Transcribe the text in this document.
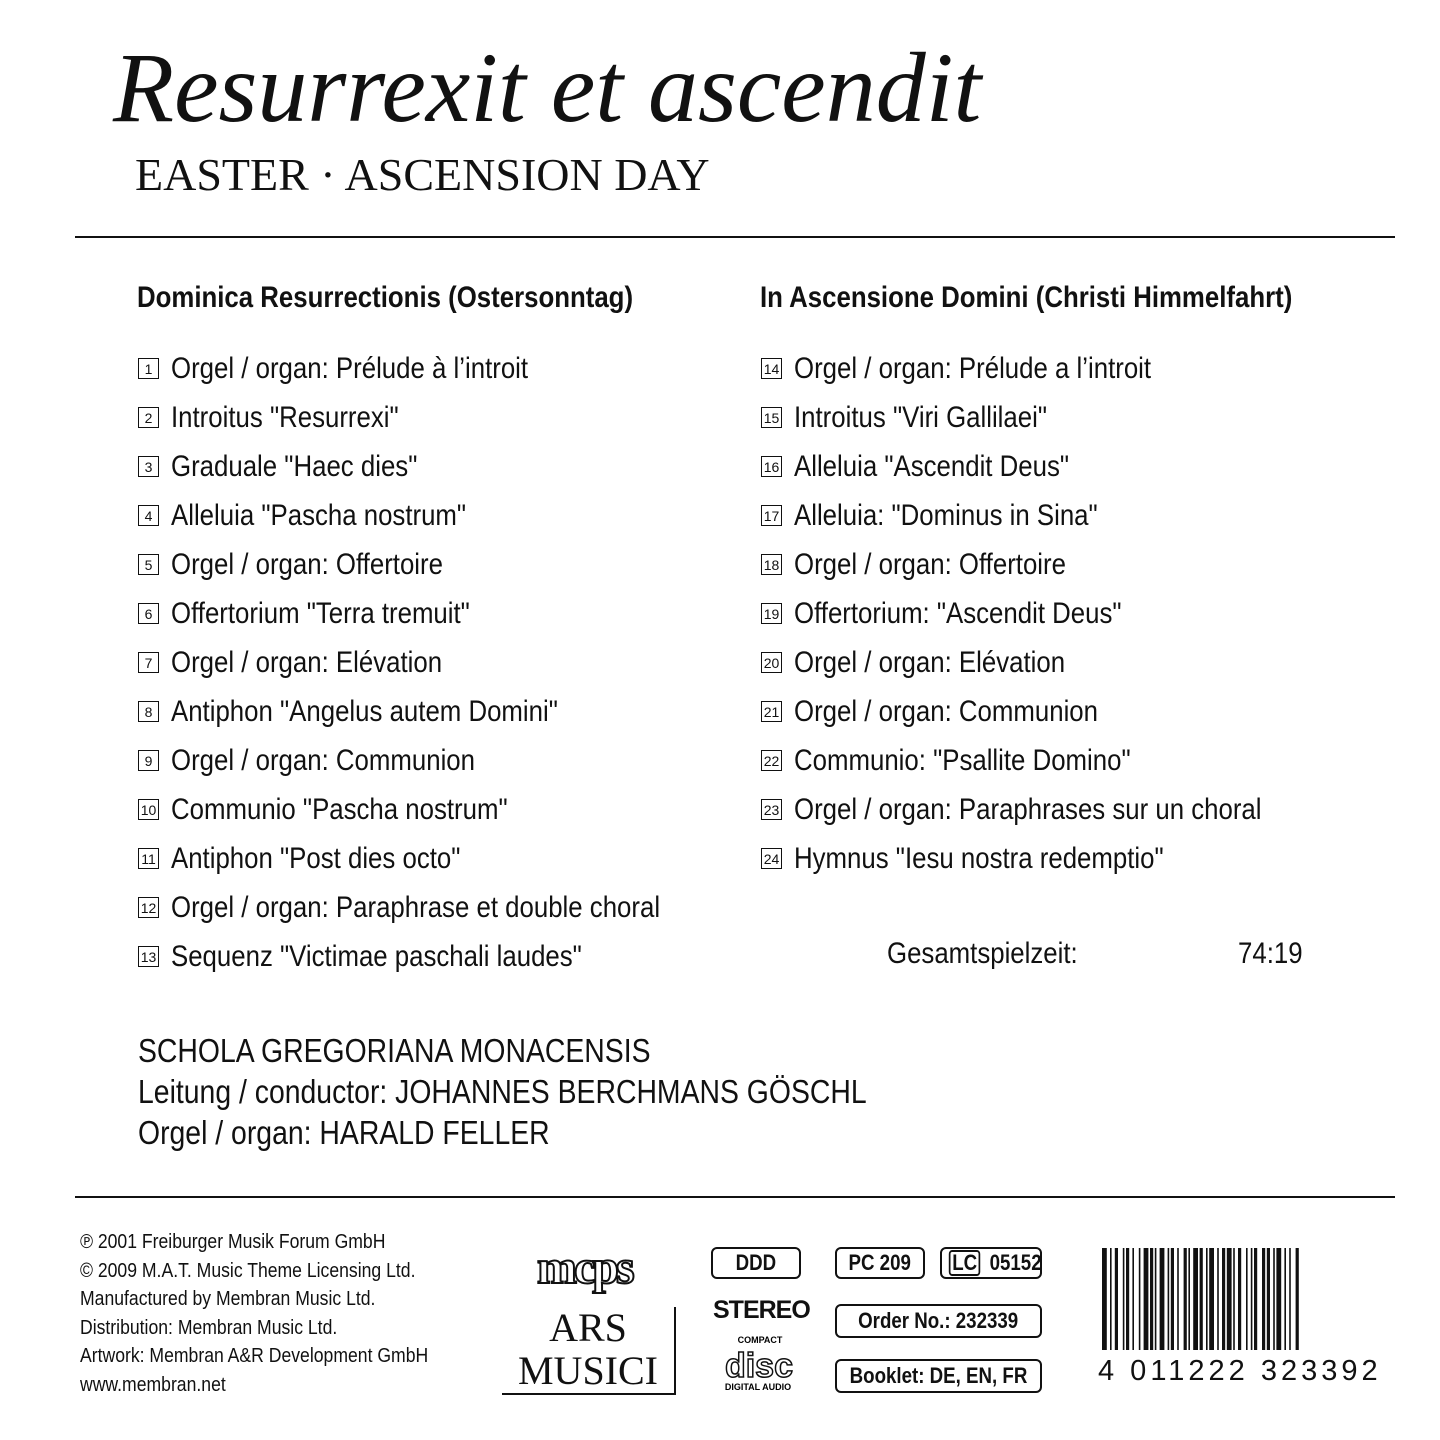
Resurrexit et ascendit
EASTER · ASCENSION DAY
Dominica Resurrectionis (Ostersonntag)	In Ascensione Domini (Christi Himmelfahrt)
1 Orgel / organ: Prélude à l’introit
2 Introitus "Resurrexi"
3 Graduale "Haec dies"
4 Alleluia "Pascha nostrum"
5 Orgel / organ: Offertoire
6 Offertorium "Terra tremuit"
7 Orgel / organ: Elévation
8 Antiphon "Angelus autem Domini"
9 Orgel / organ: Communion
10 Communio "Pascha nostrum"
11 Antiphon "Post dies octo"
12 Orgel / organ: Paraphrase et double choral
13 Sequenz "Victimae paschali laudes"
14 Orgel / organ: Prélude a l’introit
15 Introitus "Viri Gallilaei"
16 Alleluia "Ascendit Deus"
17 Alleluia: "Dominus in Sina"
18 Orgel / organ: Offertoire
19 Offertorium: "Ascendit Deus"
20 Orgel / organ: Elévation
21 Orgel / organ: Communion
22 Communio: "Psallite Domino"
23 Orgel / organ: Paraphrases sur un choral
24 Hymnus "Iesu nostra redemptio"
Gesamtspielzeit:	74:19
SCHOLA GREGORIANA MONACENSIS
Leitung / conductor: JOHANNES BERCHMANS GÖSCHL
Orgel / organ: HARALD FELLER
℗ 2001 Freiburger Musik Forum GmbH
© 2009 M.A.T. Music Theme Licensing Ltd.
Manufactured by Membran Music Ltd.
Distribution: Membran Music Ltd.
Artwork: Membran A&R Development GmbH
www.membran.net
mcps
ARS
MUSICI
DDD
STEREO
COMPACT
disc
DIGITAL AUDIO
PC 209 LC 05152
Order No.: 232339
Booklet: DE, EN, FR 4 011222 323392
